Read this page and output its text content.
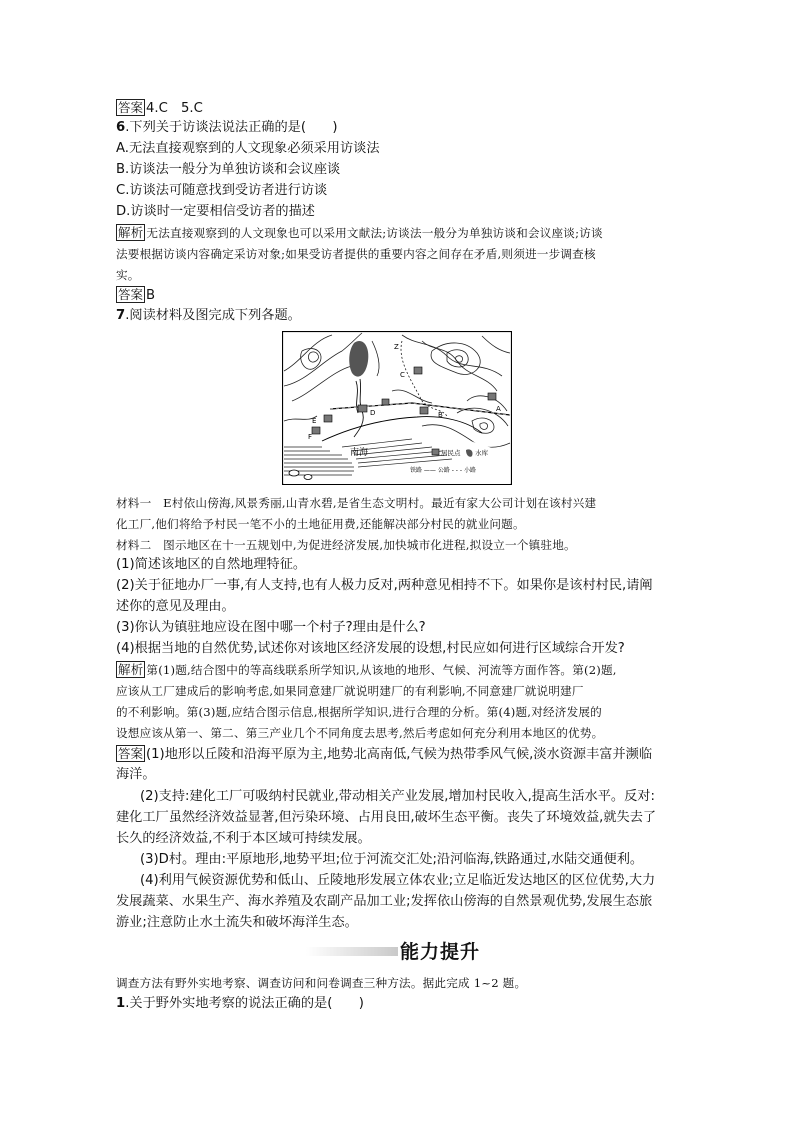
答案 4.C　5.C
6.下列关于访谈法说法正确的是(　　)
A.无法直接观察到的人文现象必须采用访谈法
B.访谈法一般分为单独访谈和会议座谈
C.访谈法可随意找到受访者进行访谈
D.访谈时一定要相信受访者的描述
解析 无法直接观察到的人文现象也可以采用文献法;访谈法一般分为单独访谈和会议座谈;访谈
法要根据访谈内容确定采访对象;如果受访者提供的重要内容之间存在矛盾,则须进一步调查核
实。
答案 B
7.阅读材料及图完成下列各题。
南海
C
Z
A
B
D
E
F
居民点 水库
铁路 —— 公路 - - - 小路
材料一　E村依山傍海,风景秀丽,山青水碧,是省生态文明村。最近有家大公司计划在该村兴建
化工厂,他们将给予村民一笔不小的土地征用费,还能解决部分村民的就业问题。
材料二　图示地区在十一五规划中,为促进经济发展,加快城市化进程,拟设立一个镇驻地。
(1)简述该地区的自然地理特征。
(2)关于征地办厂一事,有人支持,也有人极力反对,两种意见相持不下。如果你是该村村民,请阐
述你的意见及理由。
(3)你认为镇驻地应设在图中哪一个村子?理由是什么?
(4)根据当地的自然优势,试述你对该地区经济发展的设想,村民应如何进行区域综合开发?
解析 第(1)题,结合图中的等高线联系所学知识,从该地的地形、气候、河流等方面作答。第(2)题,
应该从工厂建成后的影响考虑,如果同意建厂就说明建厂的有利影响,不同意建厂就说明建厂
的不利影响。第(3)题,应结合图示信息,根据所学知识,进行合理的分析。第(4)题,对经济发展的
设想应该从第一、第二、第三产业几个不同角度去思考,然后考虑如何充分利用本地区的优势。
答案 (1)地形以丘陵和沿海平原为主,地势北高南低,气候为热带季风气候,淡水资源丰富并濒临
海洋。
(2)支持:建化工厂可吸纳村民就业,带动相关产业发展,增加村民收入,提高生活水平。反对:
建化工厂虽然经济效益显著,但污染环境、占用良田,破坏生态平衡。丧失了环境效益,就失去了
长久的经济效益,不利于本区域可持续发展。
(3)D村。理由:平原地形,地势平坦;位于河流交汇处;沿河临海,铁路通过,水陆交通便利。
(4)利用气候资源优势和低山、丘陵地形发展立体农业;立足临近发达地区的区位优势,大力
发展蔬菜、水果生产、海水养殖及农副产品加工业;发挥依山傍海的自然景观优势,发展生态旅
游业;注意防止水土流失和破坏海洋生态。
能力提升
调查方法有野外实地考察、调查访问和问卷调查三种方法。据此完成 1~2 题。
1.关于野外实地考察的说法正确的是(　　)
